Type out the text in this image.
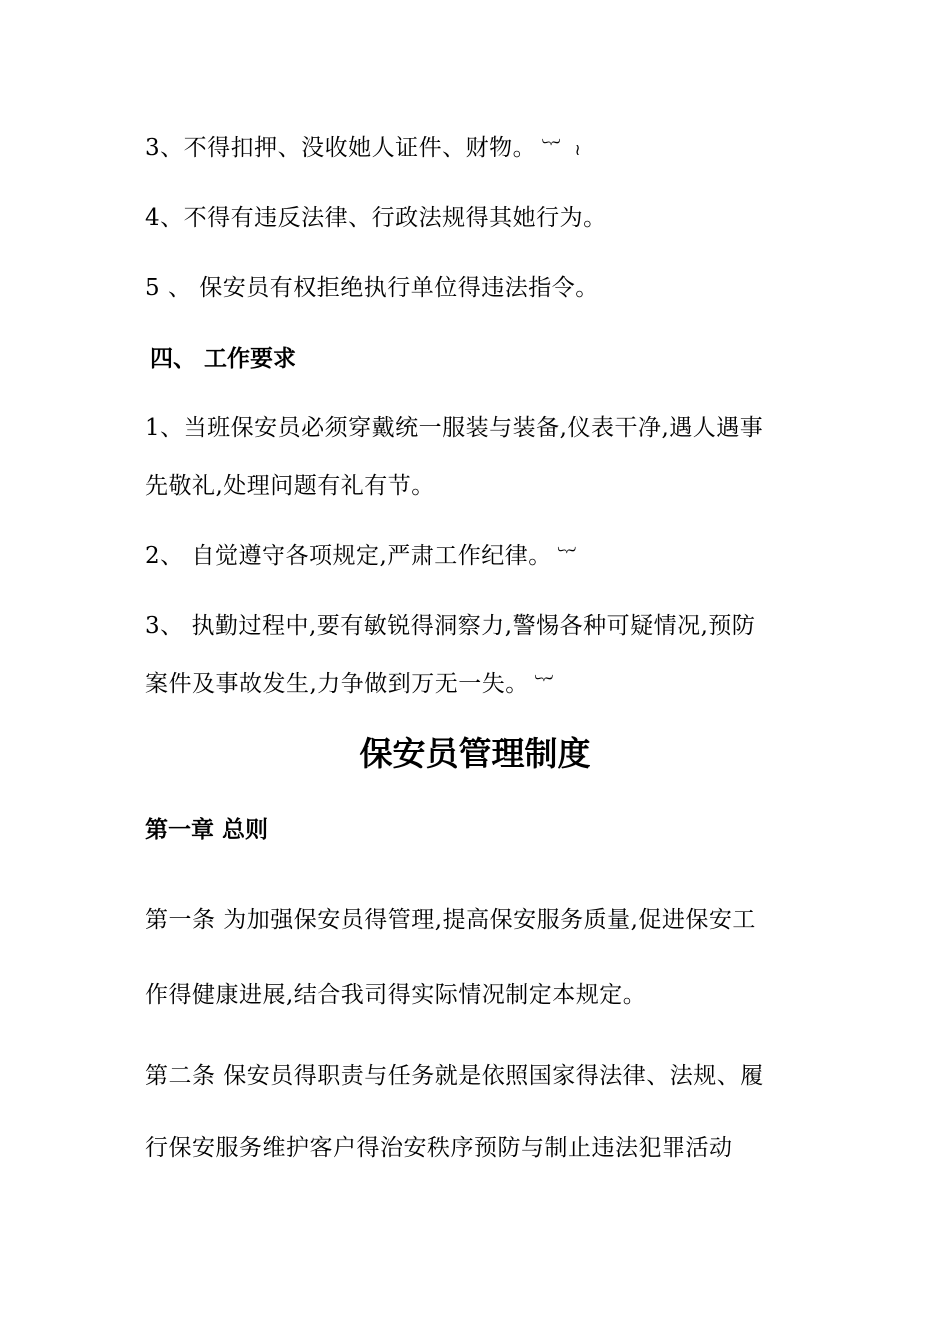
3、不得扣押、没收她人证件、财物。 ︸ ≀
4、不得有违反法律、行政法规得其她行为。
5 、 保安员有权拒绝执行单位得违法指令。
四、 工作要求
1、当班保安员必须穿戴统一服装与装备,仪表干净,遇人遇事
先敬礼,处理问题有礼有节。
2、 自觉遵守各项规定,严肃工作纪律。 ︸
3、 执勤过程中,要有敏锐得洞察力,警惕各种可疑情况,预防
案件及事故发生,力争做到万无一失。 ︸
保安员管理制度
第一章 总则
第一条 为加强保安员得管理,提高保安服务质量,促进保安工
作得健康进展,结合我司得实际情况制定本规定。
第二条 保安员得职责与任务就是依照国家得法律、法规、履
行保安服务维护客户得治安秩序预防与制止违法犯罪活动
